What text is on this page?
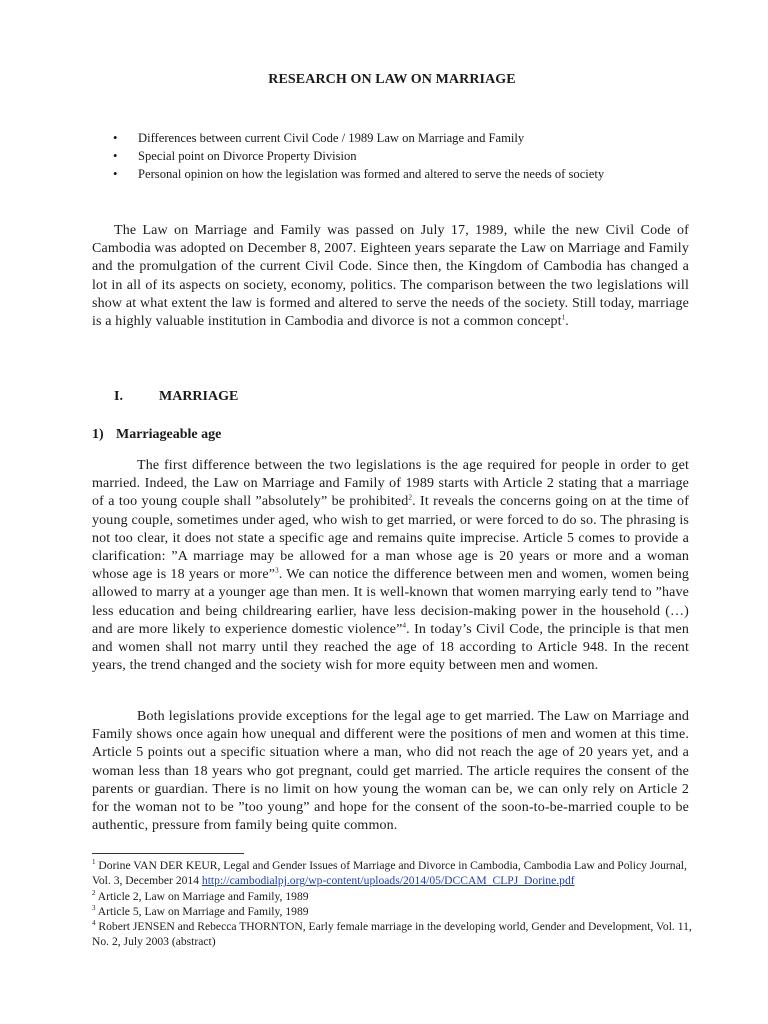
RESEARCH ON LAW ON MARRIAGE
• Differences between current Civil Code / 1989 Law on Marriage and Family
• Special point on Divorce Property Division
• Personal opinion on how the legislation was formed and altered to serve the needs of society

The Law on Marriage and Family was passed on July 17, 1989, while the new Civil Code of Cambodia was adopted on December 8, 2007. Eighteen years separate the Law on Marriage and Family and the promulgation of the current Civil Code. Since then, the Kingdom of Cambodia has changed a lot in all of its aspects on society, economy, politics. The comparison between the two legislations will show at what extent the law is formed and altered to serve the needs of the society. Still today, marriage is a highly valuable institution in Cambodia and divorce is not a common concept$^1$.

I.	MARRIAGE
1) Marriageable age

The first difference between the two legislations is the age required for people in order to get married. Indeed, the Law on Marriage and Family of 1989 starts with Article 2 stating that a marriage of a too young couple shall ”absolutely” be prohibited$^2$. It reveals the concerns going on at the time of young couple, sometimes under aged, who wish to get married, or were forced to do so. The phrasing is not too clear, it does not state a specific age and remains quite imprecise. Article 5 comes to provide a clarification: ”A marriage may be allowed for a man whose age is 20 years or more and a woman whose age is 18 years or more”$^3$. We can notice the difference between men and women, women being allowed to marry at a younger age than men. It is well-known that women marrying early tend to ”have less education and being childrearing earlier, have less decision-making power in the household (…) and are more likely to experience domestic violence”$^4$. In today’s Civil Code, the principle is that men and women shall not marry until they reached the age of 18 according to Article 948. In the recent years, the trend changed and the society wish for more equity between men and women.

Both legislations provide exceptions for the legal age to get married. The Law on Marriage and Family shows once again how unequal and different were the positions of men and women at this time. Article 5 points out a specific situation where a man, who did not reach the age of 20 years yet, and a woman less than 18 years who got pregnant, could get married. The article requires the consent of the parents or guardian. There is no limit on how young the woman can be, we can only rely on Article 2 for the woman not to be ”too young” and hope for the consent of the soon-to-be-married couple to be authentic, pressure from family being quite common.

$^1$ Dorine VAN DER KEUR, Legal and Gender Issues of Marriage and Divorce in Cambodia, Cambodia Law and Policy Journal, Vol. 3, December 2014 http://cambodialpj.org/wp-content/uploads/2014/05/DCCAM_CLPJ_Dorine.pdf

$^2$ Article 2, Law on Marriage and Family, 1989

$^3$ Article 5, Law on Marriage and Family, 1989

$^4$ Robert JENSEN and Rebecca THORNTON, Early female marriage in the developing world, Gender and Development, Vol. 11, No. 2, July 2003 (abstract)
